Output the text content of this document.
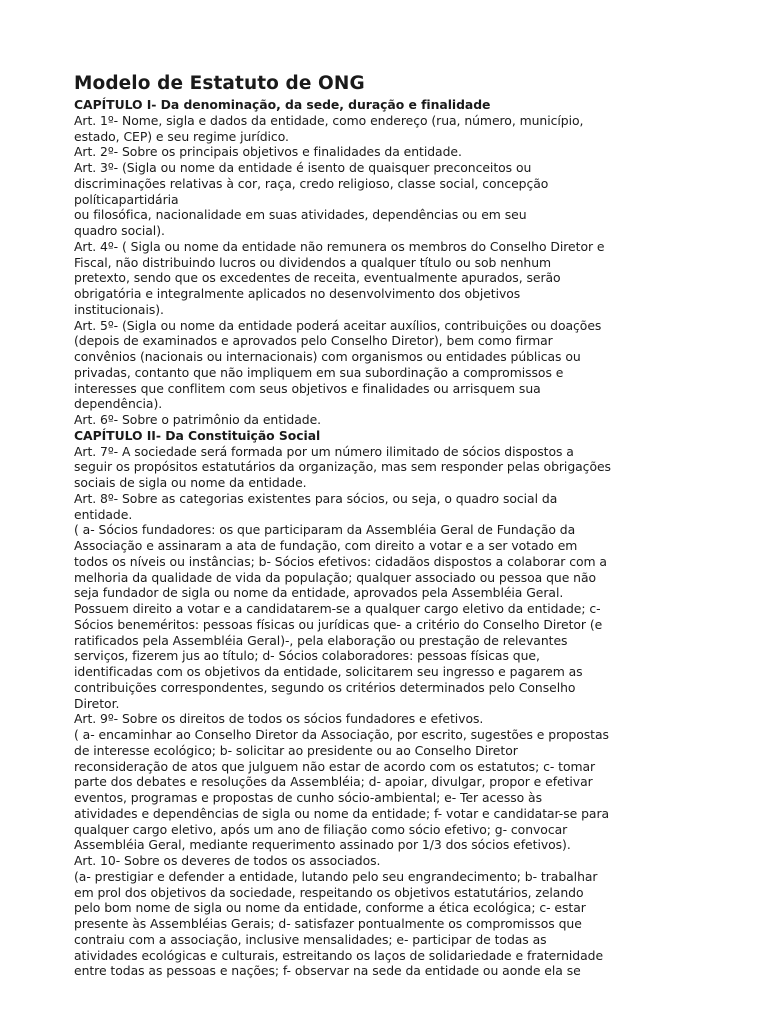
Modelo de Estatuto de ONG
CAPÍTULO I- Da denominação, da sede, duração e finalidade
Art. 1º- Nome, sigla e dados da entidade, como endereço (rua, número, município,
estado, CEP) e seu regime jurídico.
Art. 2º- Sobre os principais objetivos e finalidades da entidade.
Art. 3º- (Sigla ou nome da entidade é isento de quaisquer preconceitos ou
discriminações relativas à cor, raça, credo religioso, classe social, concepção
políticapartidária
ou filosófica, nacionalidade em suas atividades, dependências ou em seu
quadro social).
Art. 4º- ( Sigla ou nome da entidade não remunera os membros do Conselho Diretor e
Fiscal, não distribuindo lucros ou dividendos a qualquer título ou sob nenhum
pretexto, sendo que os excedentes de receita, eventualmente apurados, serão
obrigatória e integralmente aplicados no desenvolvimento dos objetivos
institucionais).
Art. 5º- (Sigla ou nome da entidade poderá aceitar auxílios, contribuições ou doações
(depois de examinados e aprovados pelo Conselho Diretor), bem como firmar
convênios (nacionais ou internacionais) com organismos ou entidades públicas ou
privadas, contanto que não impliquem em sua subordinação a compromissos e
interesses que conflitem com seus objetivos e finalidades ou arrisquem sua
dependência).
Art. 6º- Sobre o patrimônio da entidade.
CAPÍTULO II- Da Constituição Social
Art. 7º- A sociedade será formada por um número ilimitado de sócios dispostos a
seguir os propósitos estatutários da organização, mas sem responder pelas obrigações
sociais de sigla ou nome da entidade.
Art. 8º- Sobre as categorias existentes para sócios, ou seja, o quadro social da
entidade.
( a- Sócios fundadores: os que participaram da Assembléia Geral de Fundação da
Associação e assinaram a ata de fundação, com direito a votar e a ser votado em
todos os níveis ou instâncias; b- Sócios efetivos: cidadãos dispostos a colaborar com a
melhoria da qualidade de vida da população; qualquer associado ou pessoa que não
seja fundador de sigla ou nome da entidade, aprovados pela Assembléia Geral.
Possuem direito a votar e a candidatarem-se a qualquer cargo eletivo da entidade; c-
Sócios beneméritos: pessoas físicas ou jurídicas que- a critério do Conselho Diretor (e
ratificados pela Assembléia Geral)-, pela elaboração ou prestação de relevantes
serviços, fizerem jus ao título; d- Sócios colaboradores: pessoas físicas que,
identificadas com os objetivos da entidade, solicitarem seu ingresso e pagarem as
contribuições correspondentes, segundo os critérios determinados pelo Conselho
Diretor.
Art. 9º- Sobre os direitos de todos os sócios fundadores e efetivos.
( a- encaminhar ao Conselho Diretor da Associação, por escrito, sugestões e propostas
de interesse ecológico; b- solicitar ao presidente ou ao Conselho Diretor
reconsideração de atos que julguem não estar de acordo com os estatutos; c- tomar
parte dos debates e resoluções da Assembléia; d- apoiar, divulgar, propor e efetivar
eventos, programas e propostas de cunho sócio-ambiental; e- Ter acesso às
atividades e dependências de sigla ou nome da entidade; f- votar e candidatar-se para
qualquer cargo eletivo, após um ano de filiação como sócio efetivo; g- convocar
Assembléia Geral, mediante requerimento assinado por 1/3 dos sócios efetivos).
Art. 10- Sobre os deveres de todos os associados.
(a- prestigiar e defender a entidade, lutando pelo seu engrandecimento; b- trabalhar
em prol dos objetivos da sociedade, respeitando os objetivos estatutários, zelando
pelo bom nome de sigla ou nome da entidade, conforme a ética ecológica; c- estar
presente às Assembléias Gerais; d- satisfazer pontualmente os compromissos que
contraiu com a associação, inclusive mensalidades; e- participar de todas as
atividades ecológicas e culturais, estreitando os laços de solidariedade e fraternidade
entre todas as pessoas e nações; f- observar na sede da entidade ou aonde ela se
